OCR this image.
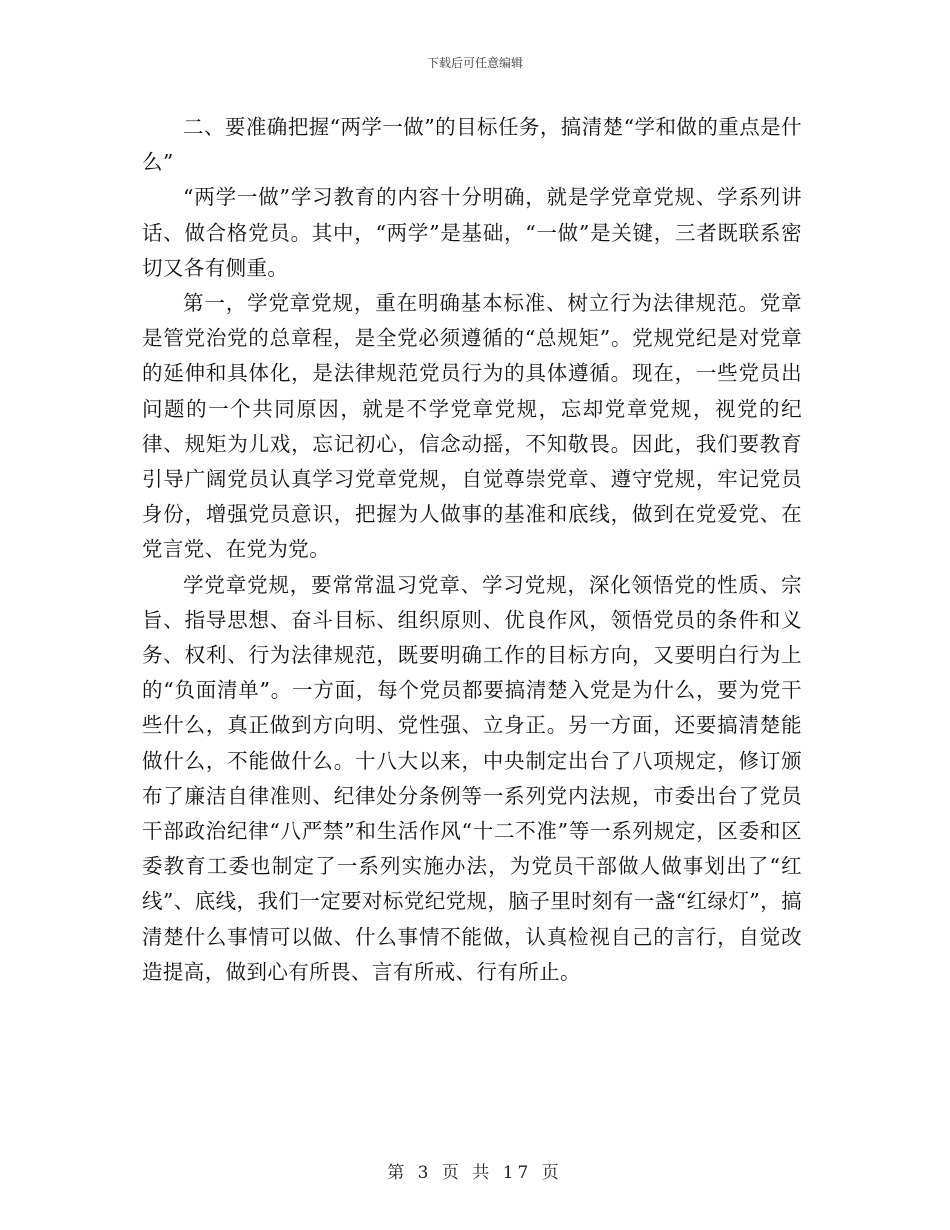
下载后可任意编辑

二、要准确把握“两学一做”的目标任务，搞清楚“学和做的重点是什么”

“两学一做”学习教育的内容十分明确，就是学党章党规、学系列讲话、做合格党员。其中，“两学”是基础，“一做”是关键，三者既联系密切又各有侧重。

第一，学党章党规，重在明确基本标准、树立行为法律规范。党章是管党治党的总章程，是全党必须遵循的“总规矩”。党规党纪是对党章的延伸和具体化，是法律规范党员行为的具体遵循。现在，一些党员出问题的一个共同原因，就是不学党章党规，忘却党章党规，视党的纪律、规矩为儿戏，忘记初心，信念动摇，不知敬畏。因此，我们要教育引导广阔党员认真学习党章党规，自觉尊崇党章、遵守党规，牢记党员身份，增强党员意识，把握为人做事的基准和底线，做到在党爱党、在党言党、在党为党。

学党章党规，要常常温习党章、学习党规，深化领悟党的性质、宗旨、指导思想、奋斗目标、组织原则、优良作风，领悟党员的条件和义务、权利、行为法律规范，既要明确工作的目标方向，又要明白行为上的“负面清单”。一方面，每个党员都要搞清楚入党是为什么，要为党干些什么，真正做到方向明、党性强、立身正。另一方面，还要搞清楚能做什么，不能做什么。十八大以来，中央制定出台了八项规定，修订颁布了廉洁自律准则、纪律处分条例等一系列党内法规，市委出台了党员干部政治纪律“八严禁”和生活作风“十二不准”等一系列规定，区委和区委教育工委也制定了一系列实施办法，为党员干部做人做事划出了“红线”、底线，我们一定要对标党纪党规，脑子里时刻有一盏“红绿灯”，搞清楚什么事情可以做、什么事情不能做，认真检视自己的言行，自觉改造提高，做到心有所畏、言有所戒、行有所止。

第 3 页 共 17 页
